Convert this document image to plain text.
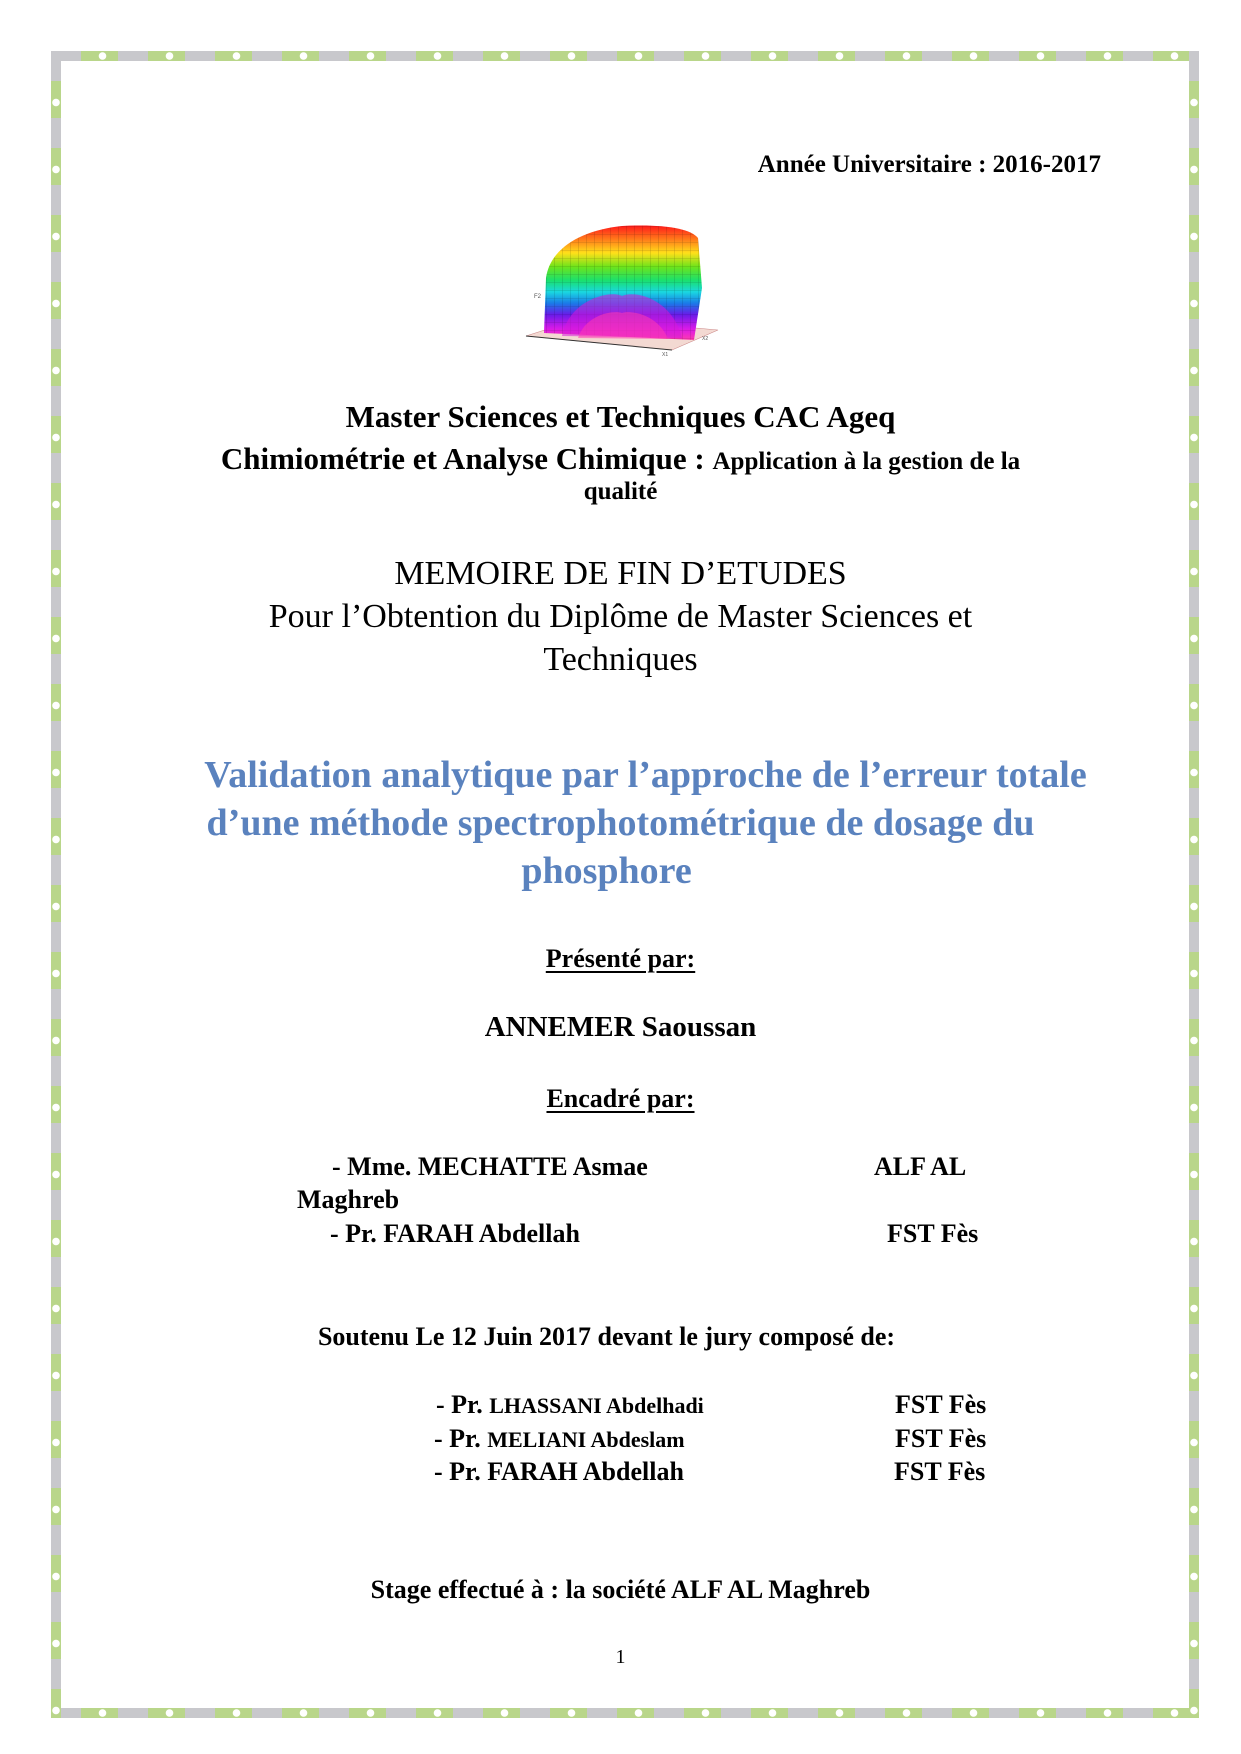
Année Universitaire : 2016-2017
F2
X2
X1
Master Sciences et Techniques CAC Ageq
Chimiométrie et Analyse Chimique : Application à la gestion de la
qualité
MEMOIRE DE FIN D’ETUDES
Pour l’Obtention du Diplôme de Master Sciences et
Techniques
Validation analytique par l’approche de l’erreur totale
d’une méthode spectrophotométrique de dosage du
phosphore
Présenté par:
ANNEMER Saoussan
Encadré par:
- Mme. MECHATTE Asmae	ALF AL
Maghreb
- Pr. FARAH Abdellah	FST Fès
Soutenu Le 12 Juin 2017 devant le jury composé de:
- Pr. LHASSANI Abdelhadi	FST Fès
- Pr. MELIANI Abdeslam	FST Fès
- Pr. FARAH Abdellah	FST Fès
Stage effectué à : la société ALF AL Maghreb
1
